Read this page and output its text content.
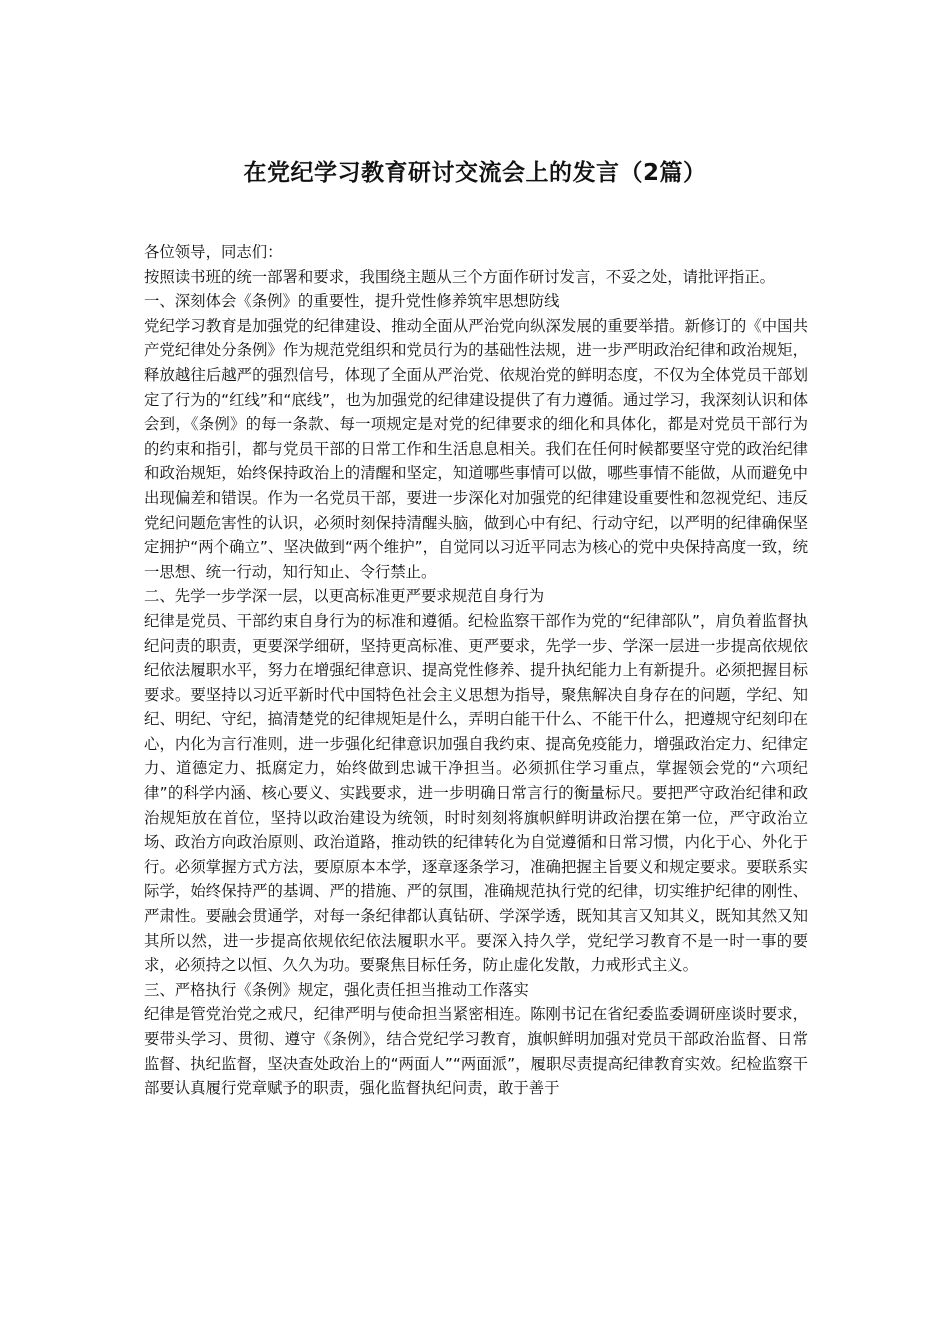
在党纪学习教育研讨交流会上的发言（2篇）

各位领导，同志们：

按照读书班的统一部署和要求，我围绕主题从三个方面作研讨发言，不妥之处，请批评指正。

一、深刻体会《条例》的重要性，提升党性修养筑牢思想防线

党纪学习教育是加强党的纪律建设、推动全面从严治党向纵深发展的重要举措。新修订的《中国共产党纪律处分条例》作为规范党组织和党员行为的基础性法规，进一步严明政治纪律和政治规矩，释放越往后越严的强烈信号，体现了全面从严治党、依规治党的鲜明态度，不仅为全体党员干部划定了行为的“红线”和“底线”，也为加强党的纪律建设提供了有力遵循。通过学习，我深刻认识和体会到，《条例》的每一条款、每一项规定是对党的纪律要求的细化和具体化，都是对党员干部行为的约束和指引，都与党员干部的日常工作和生活息息相关。我们在任何时候都要坚守党的政治纪律和政治规矩，始终保持政治上的清醒和坚定，知道哪些事情可以做，哪些事情不能做，从而避免中出现偏差和错误。作为一名党员干部，要进一步深化对加强党的纪律建设重要性和忽视党纪、违反党纪问题危害性的认识，必须时刻保持清醒头脑，做到心中有纪、行动守纪，以严明的纪律确保坚定拥护“两个确立”、坚决做到“两个维护”，自觉同以习近平同志为核心的党中央保持高度一致，统一思想、统一行动，知行知止、令行禁止。

二、先学一步学深一层，以更高标准更严要求规范自身行为

纪律是党员、干部约束自身行为的标准和遵循。纪检监察干部作为党的“纪律部队”，肩负着监督执纪问责的职责，更要深学细研，坚持更高标准、更严要求，先学一步、学深一层进一步提高依规依纪依法履职水平，努力在增强纪律意识、提高党性修养、提升执纪能力上有新提升。必须把握目标要求。要坚持以习近平新时代中国特色社会主义思想为指导，聚焦解决自身存在的问题，学纪、知纪、明纪、守纪，搞清楚党的纪律规矩是什么，弄明白能干什么、不能干什么，把遵规守纪刻印在心，内化为言行准则，进一步强化纪律意识加强自我约束、提高免疫能力，增强政治定力、纪律定力、道德定力、抵腐定力，始终做到忠诚干净担当。必须抓住学习重点，掌握领会党的“六项纪律”的科学内涵、核心要义、实践要求，进一步明确日常言行的衡量标尺。要把严守政治纪律和政治规矩放在首位，坚持以政治建设为统领，时时刻刻将旗帜鲜明讲政治摆在第一位，严守政治立场、政治方向政治原则、政治道路，推动铁的纪律转化为自觉遵循和日常习惯，内化于心、外化于行。必须掌握方式方法，要原原本本学，逐章逐条学习，准确把握主旨要义和规定要求。要联系实际学，始终保持严的基调、严的措施、严的氛围，准确规范执行党的纪律，切实维护纪律的刚性、严肃性。要融会贯通学，对每一条纪律都认真钻研、学深学透，既知其言又知其义，既知其然又知其所以然，进一步提高依规依纪依法履职水平。要深入持久学，党纪学习教育不是一时一事的要求，必须持之以恒、久久为功。要聚焦目标任务，防止虚化发散，力戒形式主义。

三、严格执行《条例》规定，强化责任担当推动工作落实

纪律是管党治党之戒尺，纪律严明与使命担当紧密相连。陈刚书记在省纪委监委调研座谈时要求，要带头学习、贯彻、遵守《条例》，结合党纪学习教育，旗帜鲜明加强对党员干部政治监督、日常监督、执纪监督，坚决查处政治上的“两面人”“两面派”，履职尽责提高纪律教育实效。纪检监察干部要认真履行党章赋予的职责，强化监督执纪问责，敢于善于
